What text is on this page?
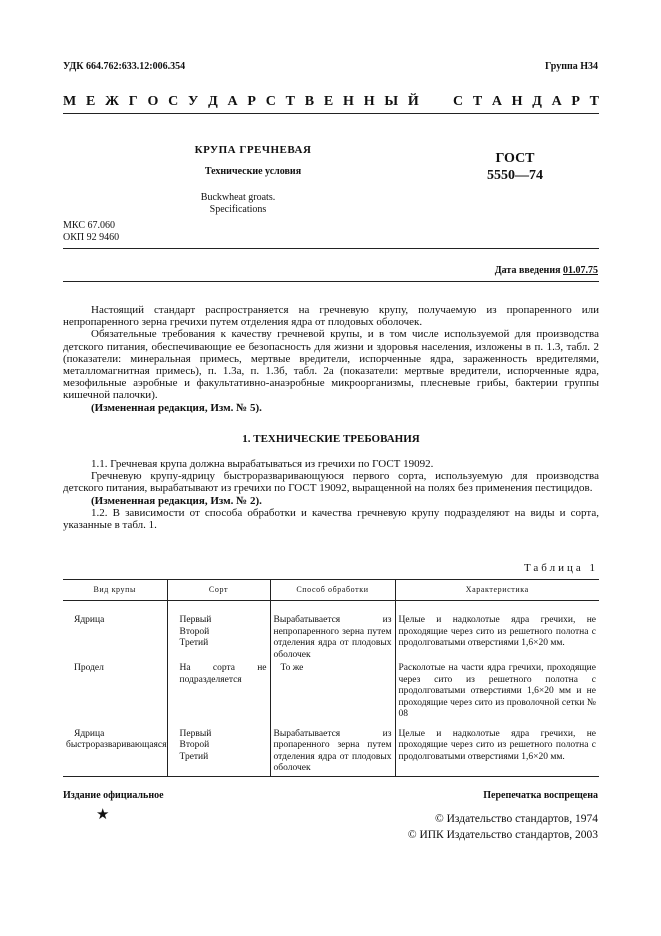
УДК 664.762:633.12:006.354	Группа Н34
М Е Ж Г О С У Д А Р С Т В Е Н Н Ы Й С Т А Н Д А Р Т
КРУПА ГРЕЧНЕВАЯ
Технические условия
Buckwheat groats.
Specifications
ГОСТ
5550—74
МКС 67.060
ОКП 92 9460
Дата введения 01.07.75

Настоящий стандарт распространяется на гречневую крупу, получаемую из пропаренного или непропаренного зерна гречихи путем отделения ядра от плодовых оболочек.

Обязательные требования к качеству гречневой крупы, и в том числе используемой для производства детского питания, обеспечивающие ее безопасность для жизни и здоровья населения, изложены в п. 1.3, табл. 2 (показатели: минеральная примесь, мертвые вредители, испорченные ядра, зараженность вредителями, металломагнитная примесь), п. 1.3а, п. 1.3б, табл. 2а (показатели: мертвые вредители, испорченные ядра, мезофильные аэробные и факультативно-анаэробные микроорганизмы, плесневые грибы, бактерии группы кишечной палочки).

(Измененная редакция, Изм. № 5).

1. ТЕХНИЧЕСКИЕ ТРЕБОВАНИЯ

1.1. Гречневая крупа должна вырабатываться из гречихи по ГОСТ 19092.

Гречневую крупу-ядрицу быстроразваривающуюся первого сорта, используемую для производства детского питания, вырабатывают из гречихи по ГОСТ 19092, выращенной на полях без применения пестицидов.

(Измененная редакция, Изм. № 2).

1.2. В зависимости от способа обработки и качества гречневую крупу подразделяют на виды и сорта, указанные в табл. 1.

Таблица 1
Вид крупы	Сорт	Способ обработки	Характеристика
Ядрица	Первый
Второй
Третий	Вырабатывается из непропаренного зерна путем отделения ядра от плодовых оболочек	Целые и надколотые ядра гречихи, не проходящие через сито из решетного полотна с продолговатыми отверстиями 1,6×20 мм.
Продел	На сорта не подразделяется	То же	Расколотые на части ядра гречихи, проходящие через сито из решетного полотна с продолговатыми отверстиями 1,6×20 мм и не проходящие через сито из проволочной сетки № 08
Ядрица быстроразваривающаяся	Первый
Второй
Третий	Вырабатывается из пропаренного зерна путем отделения ядра от плодовых оболочек	Целые и надколотые ядра гречихи, не проходящие через сито из решетного полотна с продолговатыми отверстиями 1,6×20 мм.
Издание официальное	Перепечатка воспрещена
★	© Издательство стандартов, 1974
© ИПК Издательство стандартов, 2003
